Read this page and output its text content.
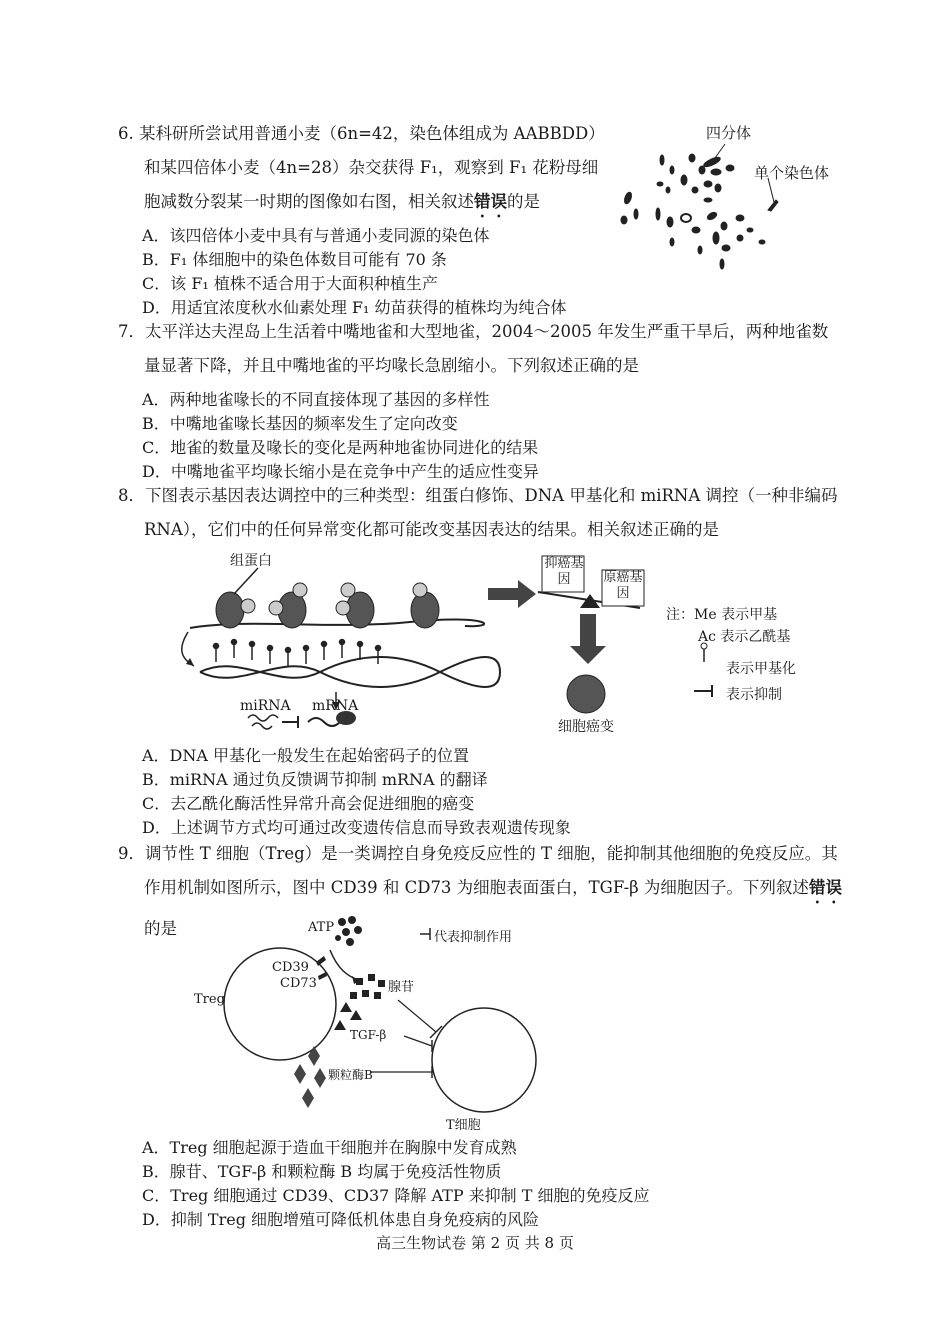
6. 某科研所尝试用普通小麦（6n=42，染色体组成为 AABBDD）
和某四倍体小麦（4n=28）杂交获得 F₁，观察到 F₁ 花粉母细
胞减数分裂某一时期的图像如右图，相关叙述错误的是
A．该四倍体小麦中具有与普通小麦同源的染色体
B．F₁ 体细胞中的染色体数目可能有 70 条
C．该 F₁ 植株不适合用于大面积种植生产
D．用适宜浓度秋水仙素处理 F₁ 幼苗获得的植株均为纯合体
四分体
单个染色体
7．太平洋达夫涅岛上生活着中嘴地雀和大型地雀，2004～2005 年发生严重干旱后，两种地雀数
量显著下降，并且中嘴地雀的平均喙长急剧缩小。下列叙述正确的是
A．两种地雀喙长的不同直接体现了基因的多样性
B．中嘴地雀喙长基因的频率发生了定向改变
C．地雀的数量及喙长的变化是两种地雀协同进化的结果
D．中嘴地雀平均喙长缩小是在竞争中产生的适应性变异
8．下图表示基因表达调控中的三种类型：组蛋白修饰、DNA 甲基化和 miRNA 调控（一种非编码
RNA），它们中的任何异常变化都可能改变基因表达的结果。相关叙述正确的是
组蛋白	抑癌基因	原癌基因
细胞癌变
miRNA mRNA
注：Me 表示甲基
Ac 表示乙酰基
表示甲基化
表示抑制
A．DNA 甲基化一般发生在起始密码子的位置
B．miRNA 通过负反馈调节抑制 mRNA 的翻译
C．去乙酰化酶活性异常升高会促进细胞的癌变
D．上述调节方式均可通过改变遗传信息而导致表观遗传现象
9．调节性 T 细胞（Treg）是一类调控自身免疫反应性的 T 细胞，能抑制其他细胞的免疫反应。其
作用机制如图所示，图中 CD39 和 CD73 为细胞表面蛋白，TGF-β 为细胞因子。下列叙述错误
的是	ATP
代表抑制作用
CD39
CD73
Treg
腺苷
TGF-β
颗粒酶B
T细胞
A．Treg 细胞起源于造血干细胞并在胸腺中发育成熟
B．腺苷、TGF-β 和颗粒酶 B 均属于免疫活性物质
C．Treg 细胞通过 CD39、CD37 降解 ATP 来抑制 T 细胞的免疫反应
D．抑制 Treg 细胞增殖可降低机体患自身免疫病的风险
高三生物试卷 第 2 页 共 8 页
